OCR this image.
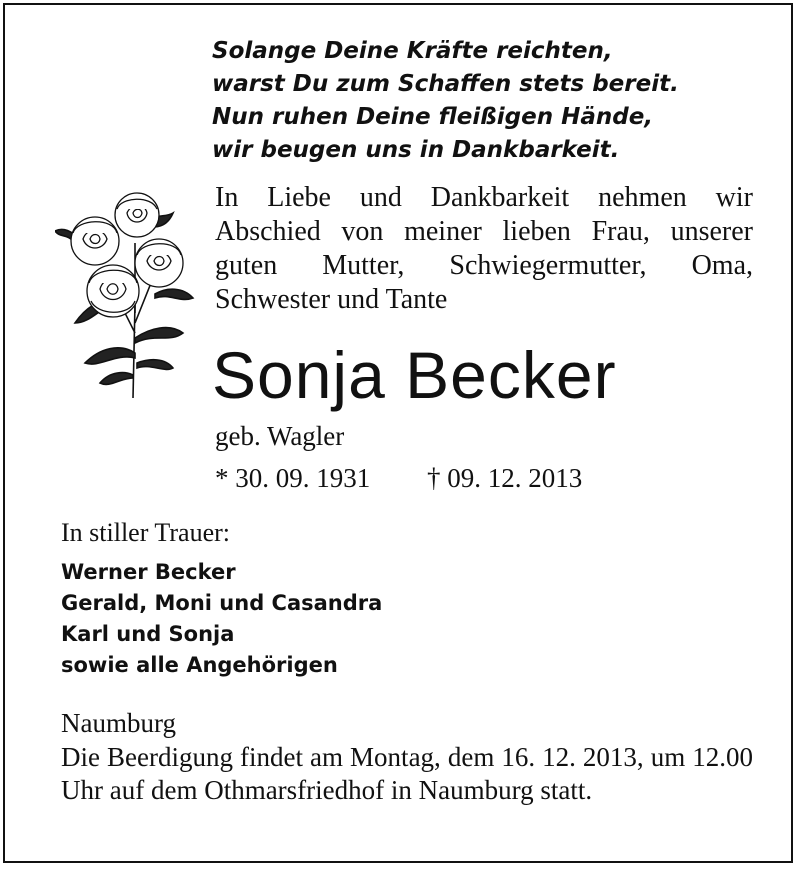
Solange Deine Kräfte reichten,
warst Du zum Schaffen stets bereit.
Nun ruhen Deine fleißigen Hände,
wir beugen uns in Dankbarkeit.
In Liebe und Dankbarkeit nehmen wir Abschied von meiner lieben Frau, unserer guten Mutter, Schwiegermutter, Oma, Schwester und Tante
Sonja Becker
geb. Wagler
* 30. 09. 1931 † 09. 12. 2013
In stiller Trauer:
Werner Becker
Gerald, Moni und Casandra
Karl und Sonja
sowie alle Angehörigen
Naumburg
Die Beerdigung findet am Montag, dem 16. 12. 2013, um 12.00 Uhr auf dem Othmarsfriedhof in Naumburg statt.
